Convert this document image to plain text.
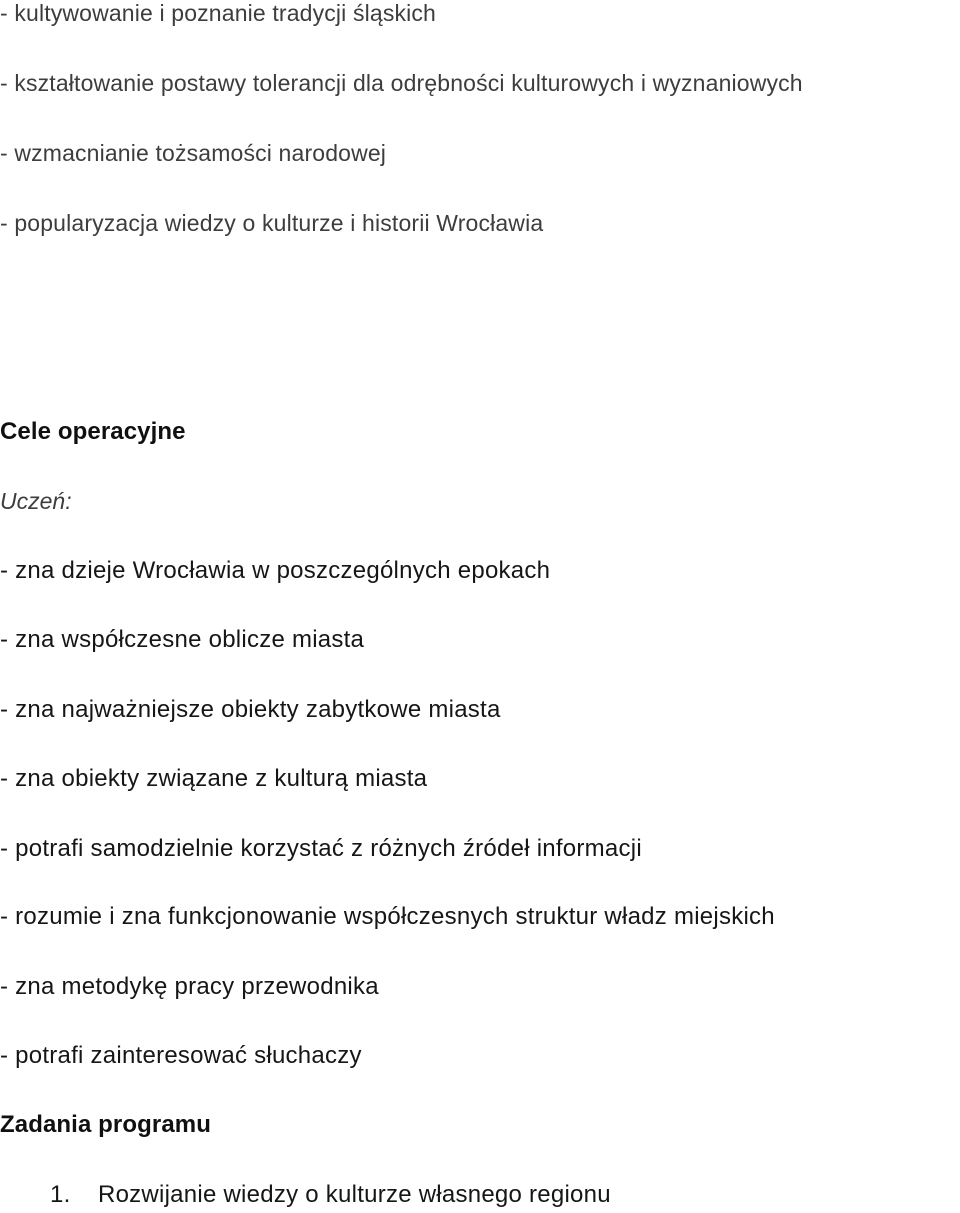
- kultywowanie i poznanie tradycji śląskich
- kształtowanie postawy tolerancji dla odrębności kulturowych i wyznaniowych
- wzmacnianie tożsamości narodowej
- popularyzacja wiedzy o kulturze i historii Wrocławia
Cele operacyjne
Uczeń:
- zna dzieje Wrocławia w poszczególnych epokach
- zna współczesne oblicze miasta
- zna najważniejsze obiekty zabytkowe miasta
- zna obiekty związane z kulturą miasta
- potrafi samodzielnie korzystać z różnych źródeł informacji
- rozumie i zna funkcjonowanie współczesnych struktur władz miejskich
- zna metodykę pracy przewodnika
- potrafi zainteresować słuchaczy
Zadania programu
1. Rozwijanie wiedzy o kulturze własnego regionu
